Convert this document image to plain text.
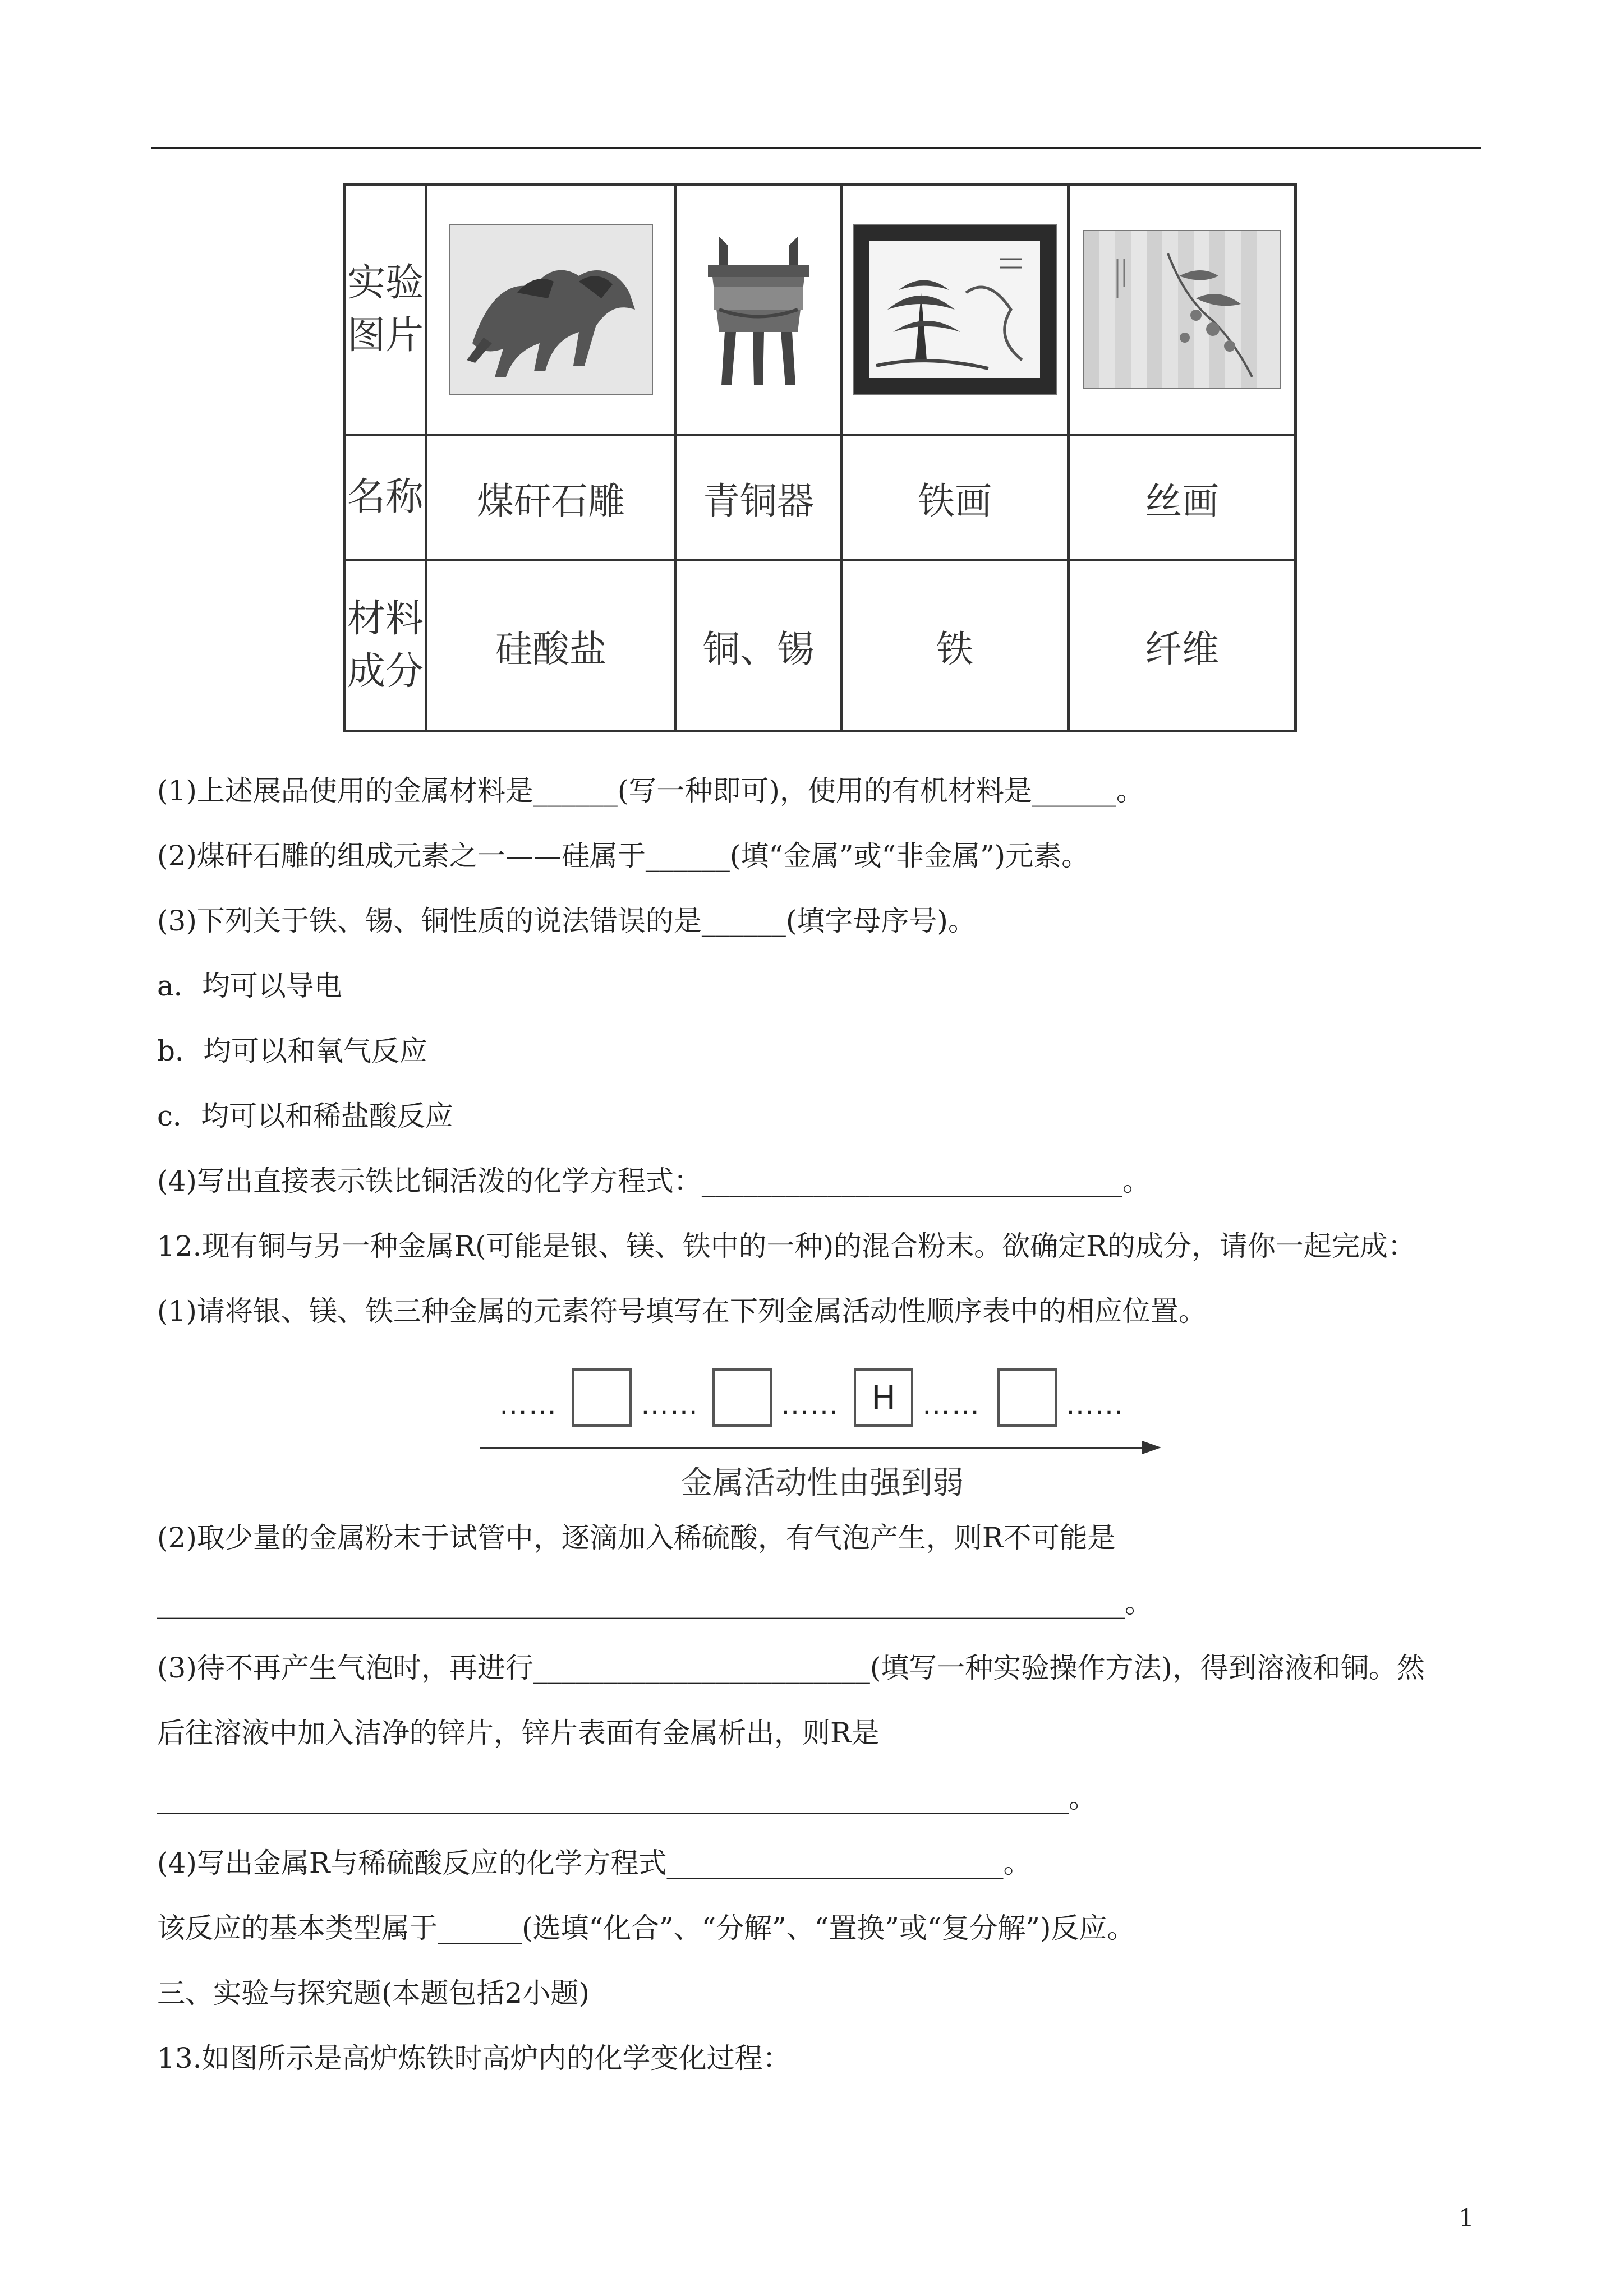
实验图片	

名称	煤矸石雕	青铜器	铁画	丝画
材料成分	硅酸盐	铜、锡	铁	纤维
(1)上述展品使用的金属材料是______(写一种即可)，使用的有机材料是______。
(2)煤矸石雕的组成元素之一——硅属于______(填“金属”或“非金属”)元素。
(3)下列关于铁、锡、铜性质的说法错误的是______(填字母序号)。
a．均可以导电
b．均可以和氧气反应
c．均可以和稀盐酸反应
(4)写出直接表示铁比铜活泼的化学方程式：______________________________。
12.现有铜与另一种金属R(可能是银、镁、铁中的一种)的混合粉末。欲确定R的成分，请你一起完成：
(1)请将银、镁、铁三种金属的元素符号填写在下列金属活动性顺序表中的相应位置。
……	……	…… H ……	……
金属活动性由强到弱
(2)取少量的金属粉末于试管中，逐滴加入稀硫酸，有气泡产生，则R不可能是
_____________________________________________________________________。
(3)待不再产生气泡时，再进行________________________(填写一种实验操作方法)，得到溶液和铜。然
后往溶液中加入洁净的锌片，锌片表面有金属析出，则R是
_________________________________________________________________。
(4)写出金属R与稀硫酸反应的化学方程式________________________。
该反应的基本类型属于______(选填“化合”、“分解”、“置换”或“复分解”)反应。
三、实验与探究题(本题包括2小题)
13.如图所示是高炉炼铁时高炉内的化学变化过程：
1
